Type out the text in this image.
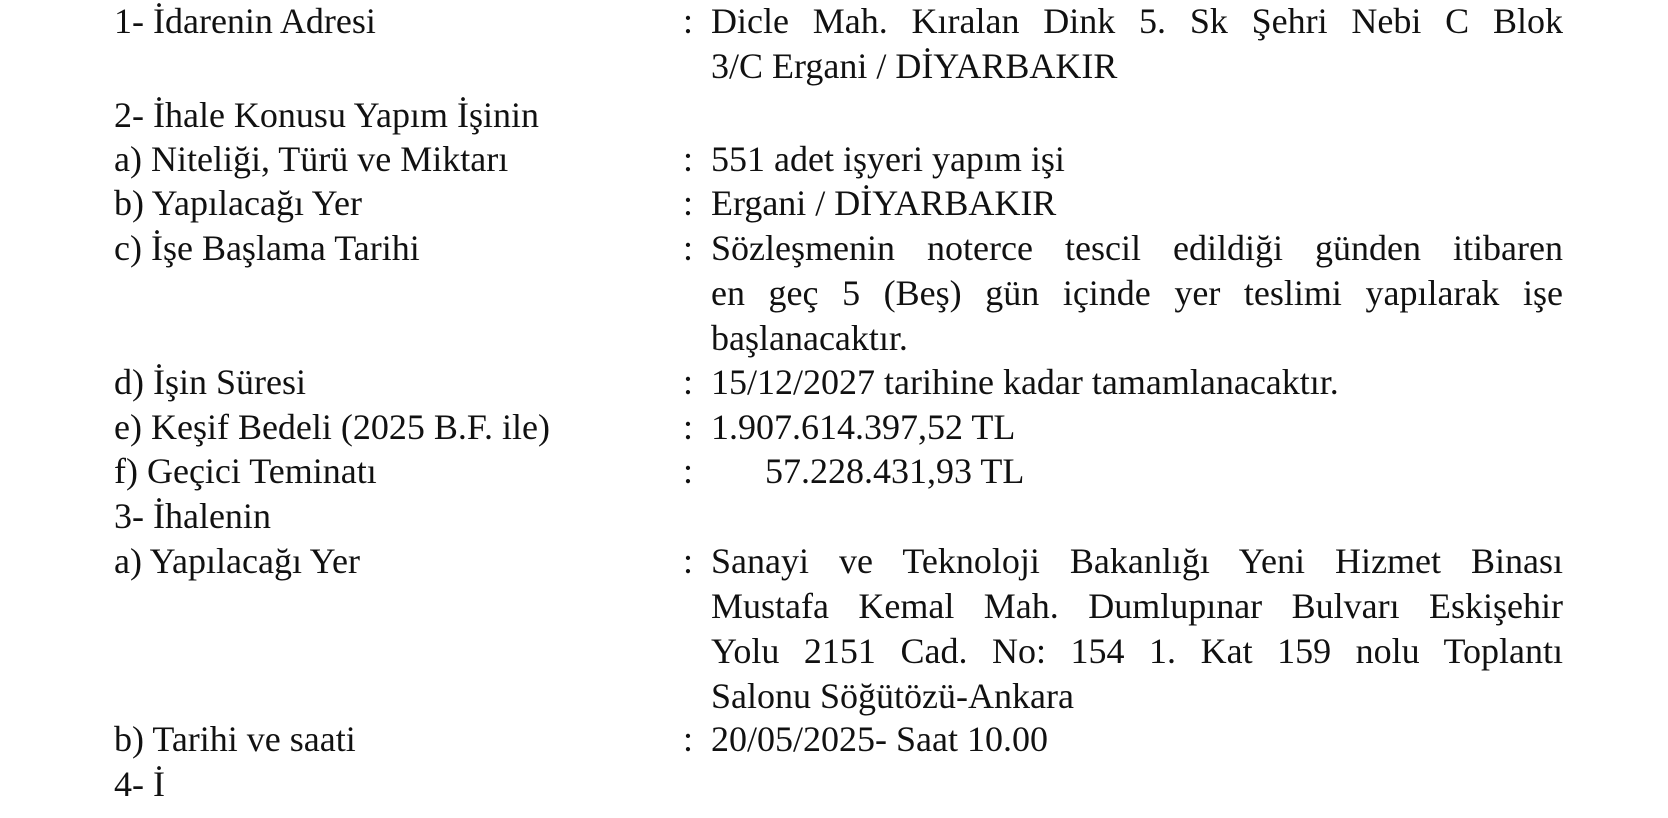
1- İdarenin Adresi	: Dicle Mah. Kıralan Dink 5. Sk Şehri Nebi C Blok
3/C Ergani / DİYARBAKIR
2- İhale Konusu Yapım İşinin
a) Niteliği, Türü ve Miktarı	: 551 adet işyeri yapım işi
b) Yapılacağı Yer	: Ergani / DİYARBAKIR
c) İşe Başlama Tarihi	: Sözleşmenin noterce tescil edildiği günden itibaren
en geç 5 (Beş) gün içinde yer teslimi yapılarak işe
başlanacaktır.
d) İşin Süresi	: 15/12/2027 tarihine kadar tamamlanacaktır.
e) Keşif Bedeli (2025 B.F. ile)	: 1.907.614.397,52 TL
f) Geçici Teminatı	:	57.228.431,93 TL
3- İhalenin
a) Yapılacağı Yer	: Sanayi ve Teknoloji Bakanlığı Yeni Hizmet Binası
Mustafa Kemal Mah. Dumlupınar Bulvarı Eskişehir
Yolu 2151 Cad. No: 154 1. Kat 159 nolu Toplantı
Salonu Söğütözü-Ankara
b) Tarihi ve saati	: 20/05/2025- Saat 10.00
4- İ
